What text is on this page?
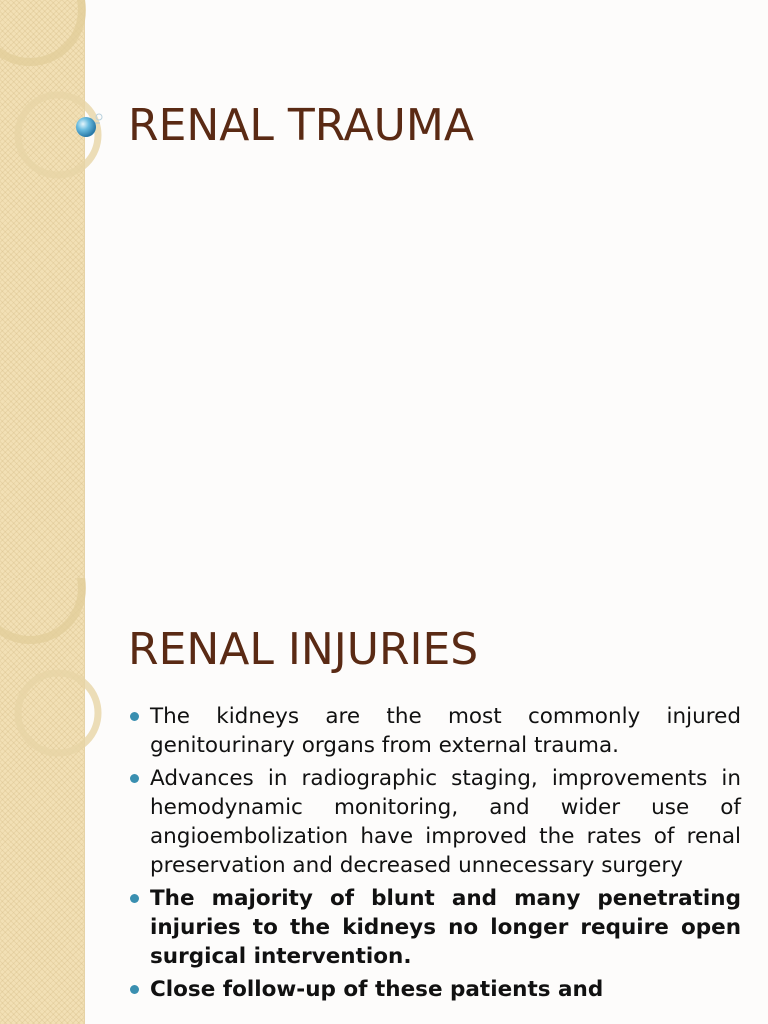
RENAL TRAUMA
RENAL INJURIES
The kidneys are the most commonly injured genitourinary organs from external trauma.
Advances in radiographic staging, improvements in hemodynamic monitoring, and wider use of angioembolization have improved the rates of renal preservation and decreased unnecessary surgery
The majority of blunt and many penetrating injuries to the kidneys no longer require open surgical intervention.
Close follow-up of these patients and
